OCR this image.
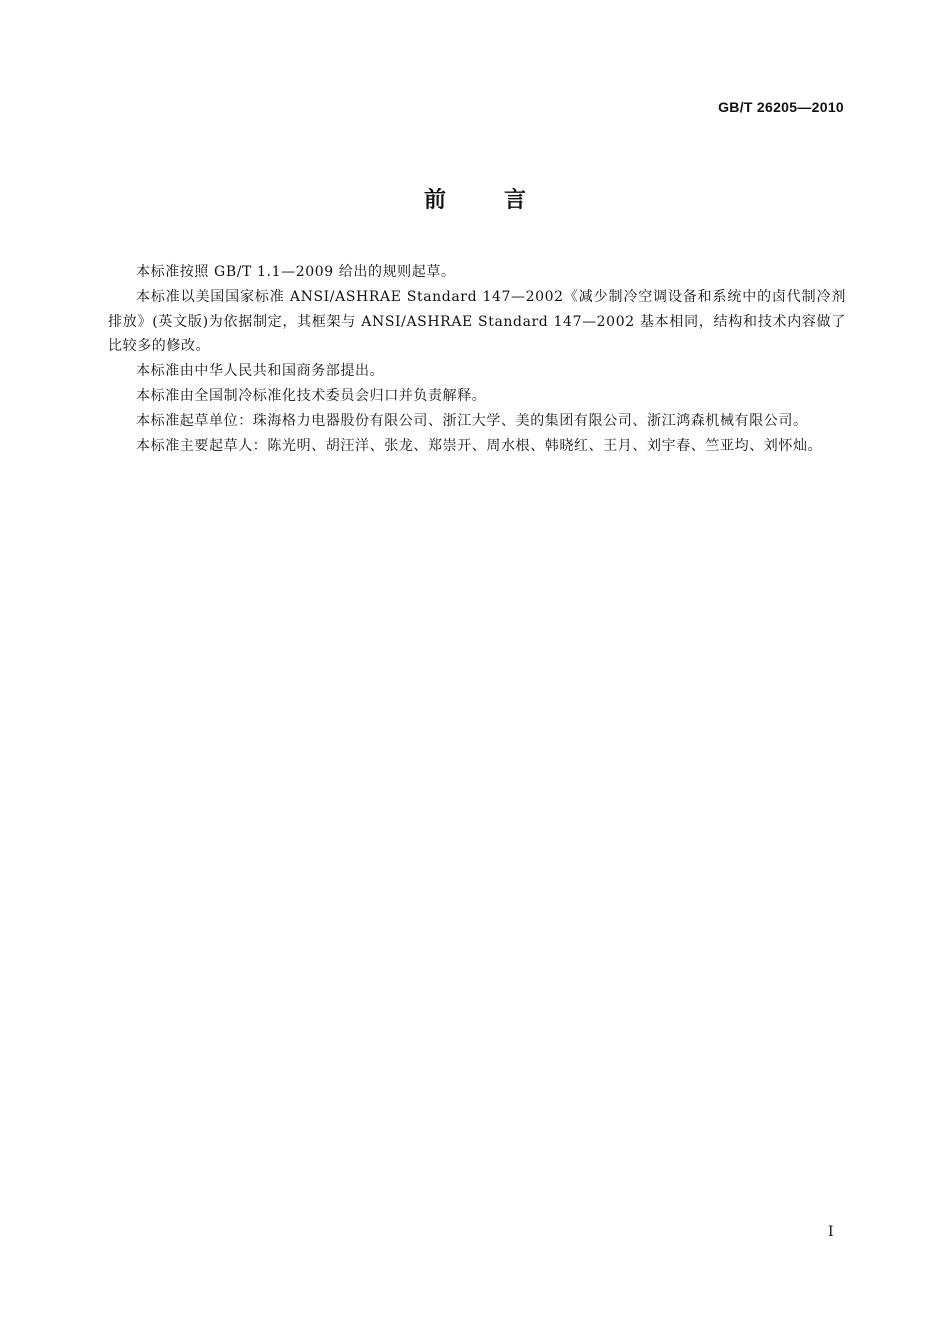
GB/T 26205—2010
前言

本标准按照 GB/T 1.1—2009 给出的规则起草。

本标准以美国国家标准 ANSI/ASHRAE Standard 147—2002《减少制冷空调设备和系统中的卤代制冷剂排放》(英文版)为依据制定，其框架与 ANSI/ASHRAE Standard 147—2002 基本相同，结构和技术内容做了比较多的修改。

本标准由中华人民共和国商务部提出。

本标准由全国制冷标准化技术委员会归口并负责解释。

本标准起草单位：珠海格力电器股份有限公司、浙江大学、美的集团有限公司、浙江鸿森机械有限公司。

本标准主要起草人：陈光明、胡汪洋、张龙、郑崇开、周水根、韩晓红、王月、刘宇春、竺亚均、刘怀灿。

I
